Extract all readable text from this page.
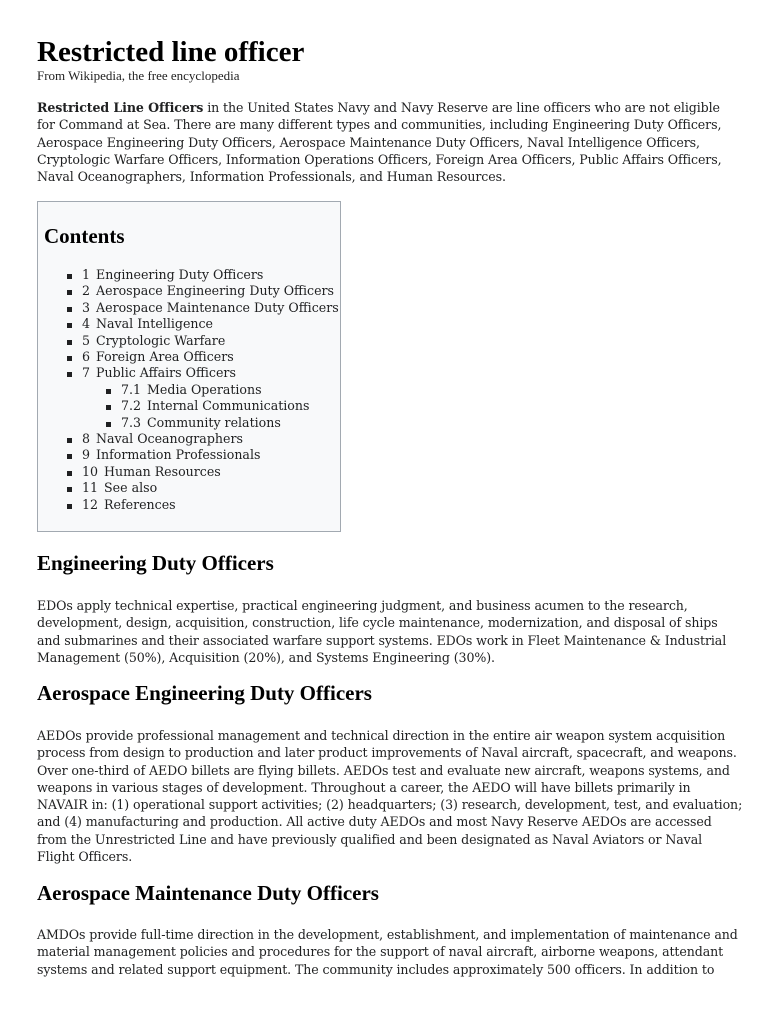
Restricted line officer
From Wikipedia, the free encyclopedia

Restricted Line Officers in the United States Navy and Navy Reserve are line officers who are not eligible for Command at Sea. There are many different types and communities, including Engineering Duty Officers, Aerospace Engineering Duty Officers, Aerospace Maintenance Duty Officers, Naval Intelligence Officers, Cryptologic Warfare Officers, Information Operations Officers, Foreign Area Officers, Public Affairs Officers, Naval Oceanographers, Information Professionals, and Human Resources.

Contents
1 Engineering Duty Officers
2 Aerospace Engineering Duty Officers
3 Aerospace Maintenance Duty Officers
4 Naval Intelligence
5 Cryptologic Warfare
6 Foreign Area Officers
7 Public Affairs Officers
7.1 Media Operations
7.2 Internal Communications
7.3 Community relations
8 Naval Oceanographers
9 Information Professionals
10 Human Resources
11 See also
12 References
Engineering Duty Officers

EDOs apply technical expertise, practical engineering judgment, and business acumen to the research, development, design, acquisition, construction, life cycle maintenance, modernization, and disposal of ships and submarines and their associated warfare support systems. EDOs work in Fleet Maintenance & Industrial Management (50%), Acquisition (20%), and Systems Engineering (30%).

Aerospace Engineering Duty Officers

AEDOs provide professional management and technical direction in the entire air weapon system acquisition process from design to production and later product improvements of Naval aircraft, spacecraft, and weapons. Over one-third of AEDO billets are flying billets. AEDOs test and evaluate new aircraft, weapons systems, and weapons in various stages of development. Throughout a career, the AEDO will have billets primarily in NAVAIR in: (1) operational support activities; (2) headquarters; (3) research, development, test, and evaluation; and (4) manufacturing and production. All active duty AEDOs and most Navy Reserve AEDOs are accessed from the Unrestricted Line and have previously qualified and been designated as Naval Aviators or Naval Flight Officers.

Aerospace Maintenance Duty Officers

AMDOs provide full-time direction in the development, establishment, and implementation of maintenance and material management policies and procedures for the support of naval aircraft, airborne weapons, attendant systems and related support equipment. The community includes approximately 500 officers. In addition to
